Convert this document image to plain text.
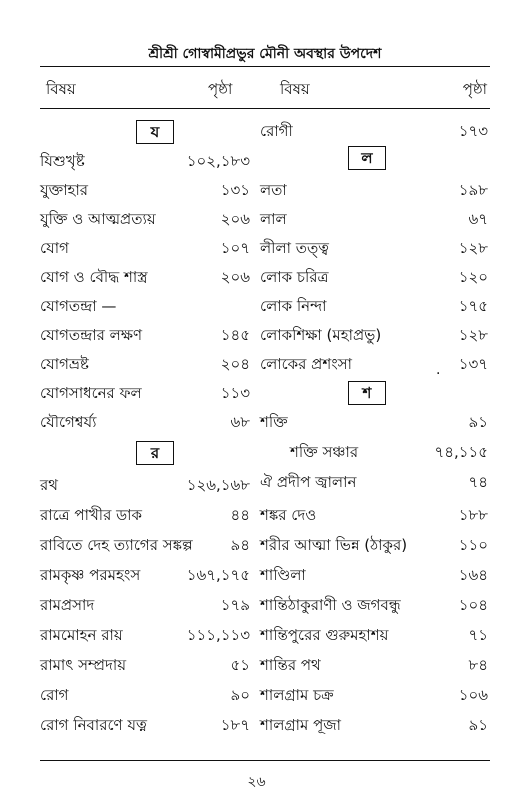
শ্রীশ্রী গোস্বামীপ্রভুর মৌনী অবস্থার উপদেশ
বিষয়	পৃষ্ঠা	বিষয়	পৃষ্ঠা
য
র
ল
শ
যিশুখৃষ্ট	১০২,১৮৩
যুক্তাহার	১৩১
যুক্তি ও আত্মপ্রত্যয়	২০৬
যোগ	১০৭
যোগ ও বৌদ্ধ শাস্ত্র	২০৬
যোগতন্দ্রা —
যোগতন্দ্রার লক্ষণ	১৪৫
যোগভ্রষ্ট	২০৪
যোগসাধনের ফল	১১৩
যৌগেশ্বর্য্য	৬৮
রথ	১২৬,১৬৮
রাত্রে পাখীর ডাক	৪৪
রাবিতে দেহ ত্যাগের সঙ্কল্প	৯৪
রামকৃষ্ণ পরমহংস	১৬৭,১৭৫
রামপ্রসাদ	১৭৯
রামমোহন রায়	১১১,১১৩
রামাৎ সম্প্রদায়	৫১
রোগ	৯০
রোগ নিবারণে যত্ন	১৮৭
রোগী	১৭৩
লতা	১৯৮
লাল	৬৭
লীলা তত্ত্ব	১২৮
লোক চরিত্র	১২০
লোক নিন্দা	১৭৫
লোকশিক্ষা (মহাপ্রভু)	১২৮
লোকের প্রশংসা	১৩৭
শক্তি	৯১
শক্তি সঞ্চার	৭৪,১১৫
ঐ প্রদীপ জ্বালান	৭৪
শঙ্কর দেও	১৮৮
শরীর আত্মা ভিন্ন (ঠাকুর)	১১০
শাণ্ডিলা	১৬৪
শান্তিঠাকুরাণী ও জগবন্ধু	১০৪
শান্তিপুরের গুরুমহাশয়	৭১
শান্তির পথ	৮৪
শালগ্রাম চক্র	১০৬
শালগ্রাম পূজা	৯১
·
২৬
